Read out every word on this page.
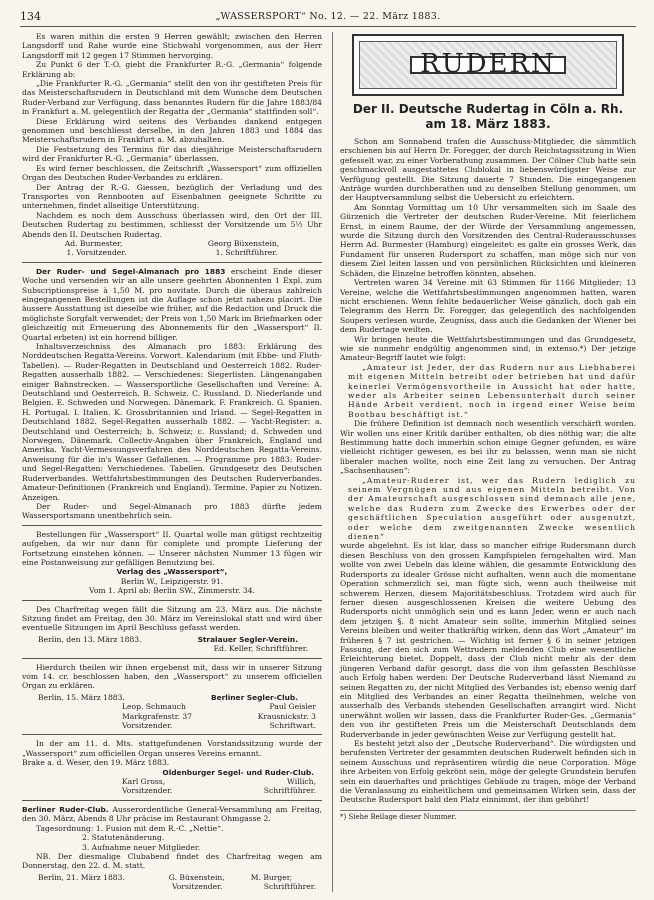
134	„WASSERSPORT“ No. 12. — 22. März 1883.

Es waren mithin die ersten 9 Herren gewählt; zwischen den Herren Langsdorff und Rahe wurde eine Stichwahl vorgenommen, aus der Herr Langsdorff mit 12 gegen 17 Stimmen hervorging.

Zu Punkt 6 der T.-O. giebt die Frankfurter R.-G. „Germania“ folgende Erklärung ab:

„Die Frankfurter R.-G. „Germania“ stellt den von ihr gestifteten Preis für das Meisterschaftsrudern in Deutschland mit dem Wunsche dem Deutschen Ruder-Verband zur Verfügung, dass benanntes Rudern für die Jahre 1883/84 in Frankfurt a. M. gelegentlich der Regatta der „Germania“ stattfinden soll“.

Diese Erklärung wird seitens des Verbandes dankend entgegen genommen und beschliesst derselbe, in den Jahren 1883 und 1884 das Meisterschaftsrudern in Frankfurt a. M. abzuhalten.

Die Festsetzung des Termins für das diesjährige Meisterschaftsrudern wird der Frankfurter R.-G. „Germania“ überlassen.

Es wird ferner beschlossen, die Zeitschrift „Wassersport“ zum offiziellen Organ des Deutschen Ruder-Verbandes zu erklären.

Der Antrag der R.-G. Giessen, bezüglich der Verladung und des Transportes von Rennbooten auf Eisenbahnen geeignete Schritte zu unternehmen, findet allseitige Unterstützung.

Nachdem es noch dem Ausschuss überlassen wird, den Ort der III. Deutschen Rudertag zu bestimmen, schliesst der Vorsitzende um 5½ Uhr Abends den II. Deutschen Rudertag.

Ad. Burmester,	Georg Büxenstein,
1. Vorsitzender.	1. Schriftführer.

Der Ruder- und Segel-Almanach pro 1883 erscheint Ende dieser Woche und versenden wir an alle unsere geehrten Abonnenten 1 Expl. zum Subscriptionspreise à 1,50 M. pro novitate. Durch die überaus zahlreich eingegangenen Bestellungen ist die Auflage schon jetzt nahezu placirt. Die äussere Ausstattung ist dieselbe wie früher, auf die Redaction und Druck die möglichste Sorgfalt verwendet; der Preis von 1,50 Mark im Briefmarken oder gleichzeitig mit Erneuerung des Abonnements für den „Wassersport“ II. Quartal erbeten) ist ein horrend billiger.

Inhaltsverzeichniss des Almanach pro 1883: Erklärung des Norddeutschen Regatta-Vereins. Vorwort. Kalendarium (mit Ebbe- und Fluth-Tabellen). — Ruder-Regatten in Deutschland und Oesterreich 1882. Ruder-Regatten ausserhalb 1882. — Verschiedenes: Siegerlisten. Längenangaben einiger Bahnstrecken. — Wassersportliche Gesellschaften und Vereine: A. Deutschland und Oesterreich. B. Schweiz. C. Russland. D. Niederlande und Belgien. E. Schweden und Norwegen. Dänemark. F. Frankreich. G. Spanien. H. Portugal. I. Italien. K. Grossbritannien und Irland. — Segel-Regatten in Deutschland 1882. Segel-Regatten ausserhalb 1882. — Yacht-Register: a. Deutschland und Oesterreich; b. Schweiz; c. Russland; d. Schweden und Norwegen, Dänemark. Collectiv-Angaben über Frankreich, England und Amerika. Yacht-Vermessungsverfahren des Norddeutschen Regatta-Vereins. Anweisung für die in's Wasser Gefallenen. — Programme pro 1883: Ruder- und Segel-Regatten: Verschiedenes. Tabellen. Grundgesetz des Deutschen Ruderverbandes. Wettfahrtsbestimmungen des Deutschen Ruderverbandes. Amateur-Definitionen (Frankreich und England). Termine. Papier zu Notizen. Anzeigen.

Der Ruder- und Segel-Almanach pro 1883 dürfte jedem Wassersportsmann unentbehrlich sein.

Bestellungen für „Wassersport“ II. Quartal wolle man gütigst rechtzeitig aufgeben, da wir nur dann für complete und prompte Lieferung der Fortsetzung einstehen können. — Unserer nächsten Nummer 13 fügen wir eine Postanweisung zur gefälligen Benutzung bei.

Verlag des „Wassersport“,

Berlin W., Leipzigerstr. 91.

Vom 1. April ab: Berlin SW., Zimmerstr. 34.

Des Charfreitag wegen fällt die Sitzung am 23. März aus. Die nächste Sitzung findet am Freitag, den 30. März im Vereinslokal statt und wird über eventuelle Sitzungen im April Beschluss gefasst werden.

Berlin, den 13. März 1883.	Stralauer Segler-Verein.

Ed. Keller, Schriftführer.

Hierdurch theilen wir ihnen ergebenst mit, dass wir in unserer Sitzung vom 14. cr. beschlossen haben, den „Wassersport“ zu unserem officiellen Organ zu erklären.

Berlin, 15. März 1883.	Berliner Segler-Club.
Leop. Schmauch	Paul Geisler
Markgrafenstr. 37	Krausnickstr. 3
Vorsitzender.	Schriftwart.

In der am 11. d. Mts. stattgefundenen Vorstandssitzung wurde der „Wassersport“ zum officiellen Organ unseres Vereins ernannt.

Brake a. d. Weser, den 19. März 1883.

Oldenburger Segel- und Ruder-Club.

Karl Gross,	Willich,
Vorsitzender.	Schriftführer.

Berliner Ruder-Club. Ausserordentliche General-Versammlung am Freitag, den 30. März, Abends 8 Uhr präcise im Restaurant Ohmgasse 2.

Tagesordnung: 1. Fusion mit dem R.-C. „Nettie“.

2. Statutenänderung.

3. Aufnahme neuer Mitglieder.

NB. Der diesmalige Clubabend findet des Charfreitag wegen am Donnerstag, den 22. d. M. statt.

Berlin, 21. März 1883.	G. Büxenstein,	M. Burger,
Vorsitzender.	Schriftführer.
RUDERN
Der II. Deutsche Rudertag in Cöln a. Rh.
am 18. März 1883.

Schon am Sonnabend trafen die Ausschuss-Mitglieder, die sämmtlich erschienen bis auf Herrn Dr. Foregger, der durch Reichstagssitzung in Wien gefesselt war, zu einer Vorberathung zusammen. Der Cölner Club hatte sein geschmackvoll ausgestattetes Clublokal in liebenswürdigster Weise zur Verfügung gestellt. Die Sitzung dauerte 7 Stunden. Die eingegangenen Anträge wurden durchberathen und zu denselben Stellung genommen, um der Hauptversammlung selbst die Uebersicht zu erleichtern.

Am Sonntag Vormittag um 10 Uhr versammelten sich im Saale des Gürzenich die Vertreter der deutschen Ruder-Vereine. Mit feierlichem Ernst, in einem Raume, der der Würde der Versammlung angemessen, wurde die Sitzung durch den Vorsitzenden des Central-Ruderausschusses Herrn Ad. Burmester (Hamburg) eingeleitet: es galte ein grosses Werk, das Fundament für unseren Rudersport zu schaffen, man möge sich nur von diesem Ziel leiten lassen und von persönlichen Rücksichten und kleineren Schäden, die Einzelne betroffen könnten, absehen.

Vertreten waren 34 Vereine mit 63 Stimmen für 1166 Mitglieder; 13 Vereine, welche die Wettfahrtsbestimmungen angenommen hatten, waren nicht erschienen. Wenn fehlte bedauerlicher Weise gänzlich, doch gab ein Telegramm des Herrn Dr. Foregger, das gelegentlich des nachfolgenden Soupers verlesen wurde, Zeugniss, dass auch die Gedanken der Wiener bei dem Rudertage weilten.

Wir bringen heute die Wettfahrtsbestimmungen und das Grundgesetz, wie sie nunmehr endgültig angenommen sind, in extenso.*) Der jetzige Amateur-Begriff lautet wie folgt:

„Amateur ist Jeder, der das Rudern nur aus Liebhaberei mit eigenen Mitteln betreibt oder betrieben hat und dafür keinerlei Vermögensvortheile in Aussicht hat oder hatte, weder als Arbeiter seinen Lebensunterhalt durch seiner Hände Arbeit verdient, noch in irgend einer Weise beim Bootbau beschäftigt ist.“

Die frühere Definition ist demnach noch wesentlich verschärft worden. Wir wollen uns einer Kritik darüber enthalten, ob dies nöthig war; die alte Bestimmung hatte doch immerhin schon einige Gegner gefunden, es wäre vielleicht richtiger gewesen, es bei ihr zu belassen, wenn man sie nicht liberaler machen wollte, noch eine Zeit lang zu versuchen. Der Antrag „Sachsenhausen“:

„Amateur-Ruderer ist, wer das Rudern lediglich zu seinem Vergnügen und aus eigenen Mitteln betreibt. Von der Amateurschaft ausgeschlossen sind demnach alle jene, welche das Rudern zum Zwecke des Erwerbes oder der geschäftlichen Speculation ausgeführt oder ausgenutzt, oder welche dem zweitgenannten Zwecke wesentlich dienen“

wurde abgelehnt. Es ist klar, dass so mancher eifrige Rudersmann durch diesen Beschluss von den grossen Kampfspielen ferngehalten wird. Man wollte von zwei Uebeln das kleine wählen, die gesammte Entwicklung des Rudersports zu idealer Grösse nicht aufhalten, wenn auch die momentane Operation schmerzlich sei, man fügte sich, wenn auch theilweise mit schwerem Herzen, diesem Majoritätsbeschluss. Trotzdem wird auch für ferner diesen ausgeschlossenen Kreisen die weitere Uebung des Rudersports nicht unmöglich sein und es kann Jeder, wenn er auch nach dem jetzigen §. 8 nicht Amateur sein sollte, immerhin Mitglied seines Vereins bleiben und weiter thatkräftig wirken, denn das Wort „Amateur“ im früheren § 7 ist gestrichen. — Wichtig ist ferner § 6 in seiner jetzigen Fassung, der den sich zum Wettrudern meldenden Club eine wesentliche Erleichterung bietet. Doppelt, dass der Club nicht mehr als der dem jüngeren Verband dafür gesorgt, dass die von ihm gefassten Beschlüsse auch Erfolg haben werden: Der Deutsche Ruderverband lässt Niemand zu seinen Regatten zu, der nicht Mitglied des Verbandes ist; ebenso wenig darf ein Mitglied des Verbandes an einer Regatta theilnehmen, welche von ausserhalb des Verbands stehenden Gesellschaften arrangirt wird. Nicht unerwähnt wollen wir lassen, dass die Frankfurter Ruder-Ges. „Germania“ den von ihr gestifteten Preis um die Meisterschaft Deutschlands dem Ruderverbande in jeder gewünschten Weise zur Verfügung gestellt hat.

Es besteht jetzt also der „Deutsche Ruderverband“. Die würdigsten und berufensten Vertreter der gesammten deutschen Ruderwelt befinden sich in seinem Ausschuss und repräsentiren würdig die neue Corporation. Möge ihre Arbeiten von Erfolg gekrönt sein, möge der gelegte Grundstein berufen sein ein dauerhaftes und prächtiges Gebäude zu tragen, möge der Verband die Veranlassung zu einheitlichem und gemeinsamen Wirken sein, dass der Deutsche Rudersport bald den Platz einnimmt, der ihm gebührt!

*) Siehe Beilage dieser Nummer.
